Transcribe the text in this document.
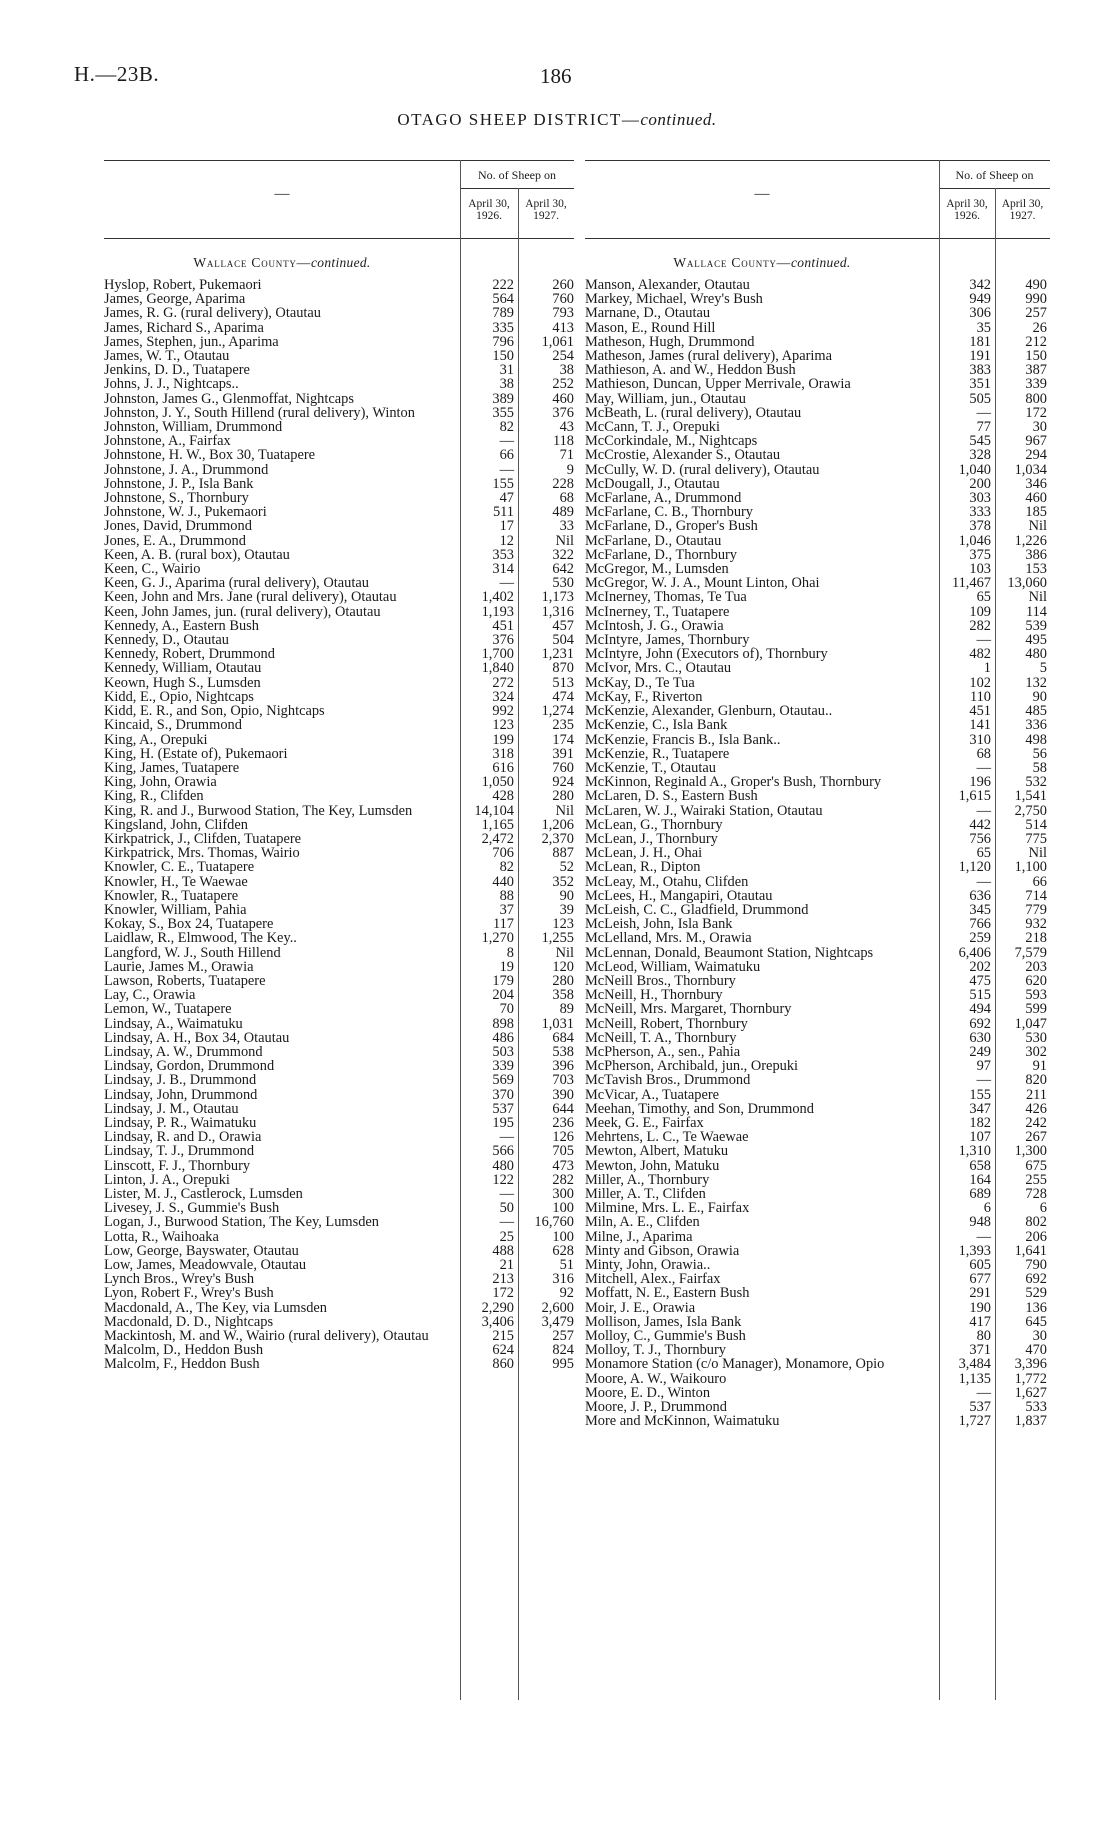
H.—23B.	186
OTAGO SHEEP DISTRICT—continued.
—
No. of Sheep on
April 30,
1926.
April 30,
1927.
Wallace County—continued.
Hyslop, Robert, Pukemaori	222	260
James, George, Aparima	564	760
James, R. G. (rural delivery), Otautau	789	793
James, Richard S., Aparima	335	413
James, Stephen, jun., Aparima	796	1,061
James, W. T., Otautau	150	254
Jenkins, D. D., Tuatapere	31	38
Johns, J. J., Nightcaps..	38	252
Johnston, James G., Glenmoffat, Nightcaps	389	460
Johnston, J. Y., South Hillend (rural delivery), Winton	355	376
Johnston, William, Drummond	82	43
Johnstone, A., Fairfax	—	118
Johnstone, H. W., Box 30, Tuatapere	66	71
Johnstone, J. A., Drummond	—	9
Johnstone, J. P., Isla Bank	155	228
Johnstone, S., Thornbury	47	68
Johnstone, W. J., Pukemaori	511	489
Jones, David, Drummond	17	33
Jones, E. A., Drummond	12	Nil
Keen, A. B. (rural box), Otautau	353	322
Keen, C., Wairio	314	642
Keen, G. J., Aparima (rural delivery), Otautau	—	530
Keen, John and Mrs. Jane (rural delivery), Otautau	1,402	1,173
Keen, John James, jun. (rural delivery), Otautau	1,193	1,316
Kennedy, A., Eastern Bush	451	457
Kennedy, D., Otautau	376	504
Kennedy, Robert, Drummond	1,700	1,231
Kennedy, William, Otautau	1,840	870
Keown, Hugh S., Lumsden	272	513
Kidd, E., Opio, Nightcaps	324	474
Kidd, E. R., and Son, Opio, Nightcaps	992	1,274
Kincaid, S., Drummond	123	235
King, A., Orepuki	199	174
King, H. (Estate of), Pukemaori	318	391
King, James, Tuatapere	616	760
King, John, Orawia	1,050	924
King, R., Clifden	428	280
King, R. and J., Burwood Station, The Key, Lumsden	14,104	Nil
Kingsland, John, Clifden	1,165	1,206
Kirkpatrick, J., Clifden, Tuatapere	2,472	2,370
Kirkpatrick, Mrs. Thomas, Wairio	706	887
Knowler, C. E., Tuatapere	82	52
Knowler, H., Te Waewae	440	352
Knowler, R., Tuatapere	88	90
Knowler, William, Pahia	37	39
Kokay, S., Box 24, Tuatapere	117	123
Laidlaw, R., Elmwood, The Key..	1,270	1,255
Langford, W. J., South Hillend	8	Nil
Laurie, James M., Orawia	19	120
Lawson, Roberts, Tuatapere	179	280
Lay, C., Orawia	204	358
Lemon, W., Tuatapere	70	89
Lindsay, A., Waimatuku	898	1,031
Lindsay, A. H., Box 34, Otautau	486	684
Lindsay, A. W., Drummond	503	538
Lindsay, Gordon, Drummond	339	396
Lindsay, J. B., Drummond	569	703
Lindsay, John, Drummond	370	390
Lindsay, J. M., Otautau	537	644
Lindsay, P. R., Waimatuku	195	236
Lindsay, R. and D., Orawia	—	126
Lindsay, T. J., Drummond	566	705
Linscott, F. J., Thornbury	480	473
Linton, J. A., Orepuki	122	282
Lister, M. J., Castlerock, Lumsden	—	300
Livesey, J. S., Gummie's Bush	50	100
Logan, J., Burwood Station, The Key, Lumsden	—	16,760
Lotta, R., Waihoaka	25	100
Low, George, Bayswater, Otautau	488	628
Low, James, Meadowvale, Otautau	21	51
Lynch Bros., Wrey's Bush	213	316
Lyon, Robert F., Wrey's Bush	172	92
Macdonald, A., The Key, via Lumsden	2,290	2,600
Macdonald, D. D., Nightcaps	3,406	3,479
Mackintosh, M. and W., Wairio (rural delivery), Otautau	215	257
Malcolm, D., Heddon Bush	624	824
Malcolm, F., Heddon Bush	860	995
—
No. of Sheep on
April 30,
1926.
April 30,
1927.
Wallace County—continued.
Manson, Alexander, Otautau	342	490
Markey, Michael, Wrey's Bush	949	990
Marnane, D., Otautau	306	257
Mason, E., Round Hill	35	26
Matheson, Hugh, Drummond	181	212
Matheson, James (rural delivery), Aparima	191	150
Mathieson, A. and W., Heddon Bush	383	387
Mathieson, Duncan, Upper Merrivale, Orawia	351	339
May, William, jun., Otautau	505	800
McBeath, L. (rural delivery), Otautau	—	172
McCann, T. J., Orepuki	77	30
McCorkindale, M., Nightcaps	545	967
McCrostie, Alexander S., Otautau	328	294
McCully, W. D. (rural delivery), Otautau	1,040	1,034
McDougall, J., Otautau	200	346
McFarlane, A., Drummond	303	460
McFarlane, C. B., Thornbury	333	185
McFarlane, D., Groper's Bush	378	Nil
McFarlane, D., Otautau	1,046	1,226
McFarlane, D., Thornbury	375	386
McGregor, M., Lumsden	103	153
McGregor, W. J. A., Mount Linton, Ohai	11,467	13,060
McInerney, Thomas, Te Tua	65	Nil
McInerney, T., Tuatapere	109	114
McIntosh, J. G., Orawia	282	539
McIntyre, James, Thornbury	—	495
McIntyre, John (Executors of), Thornbury	482	480
McIvor, Mrs. C., Otautau	1	5
McKay, D., Te Tua	102	132
McKay, F., Riverton	110	90
McKenzie, Alexander, Glenburn, Otautau..	451	485
McKenzie, C., Isla Bank	141	336
McKenzie, Francis B., Isla Bank..	310	498
McKenzie, R., Tuatapere	68	56
McKenzie, T., Otautau	—	58
McKinnon, Reginald A., Groper's Bush, Thornbury	196	532
McLaren, D. S., Eastern Bush	1,615	1,541
McLaren, W. J., Wairaki Station, Otautau	—	2,750
McLean, G., Thornbury	442	514
McLean, J., Thornbury	756	775
McLean, J. H., Ohai	65	Nil
McLean, R., Dipton	1,120	1,100
McLeay, M., Otahu, Clifden	—	66
McLees, H., Mangapiri, Otautau	636	714
McLeish, C. C., Gladfield, Drummond	345	779
McLeish, John, Isla Bank	766	932
McLelland, Mrs. M., Orawia	259	218
McLennan, Donald, Beaumont Station, Nightcaps	6,406	7,579
McLeod, William, Waimatuku	202	203
McNeill Bros., Thornbury	475	620
McNeill, H., Thornbury	515	593
McNeill, Mrs. Margaret, Thornbury	494	599
McNeill, Robert, Thornbury	692	1,047
McNeill, T. A., Thornbury	630	530
McPherson, A., sen., Pahia	249	302
McPherson, Archibald, jun., Orepuki	97	91
McTavish Bros., Drummond	—	820
McVicar, A., Tuatapere	155	211
Meehan, Timothy, and Son, Drummond	347	426
Meek, G. E., Fairfax	182	242
Mehrtens, L. C., Te Waewae	107	267
Mewton, Albert, Matuku	1,310	1,300
Mewton, John, Matuku	658	675
Miller, A., Thornbury	164	255
Miller, A. T., Clifden	689	728
Milmine, Mrs. L. E., Fairfax	6	6
Miln, A. E., Clifden	948	802
Milne, J., Aparima	—	206
Minty and Gibson, Orawia	1,393	1,641
Minty, John, Orawia..	605	790
Mitchell, Alex., Fairfax	677	692
Moffatt, N. E., Eastern Bush	291	529
Moir, J. E., Orawia	190	136
Mollison, James, Isla Bank	417	645
Molloy, C., Gummie's Bush	80	30
Molloy, T. J., Thornbury	371	470
Monamore Station (c/o Manager), Monamore, Opio	3,484	3,396
Moore, A. W., Waikouro	1,135	1,772
Moore, E. D., Winton	—	1,627
Moore, J. P., Drummond	537	533
More and McKinnon, Waimatuku	1,727	1,837
